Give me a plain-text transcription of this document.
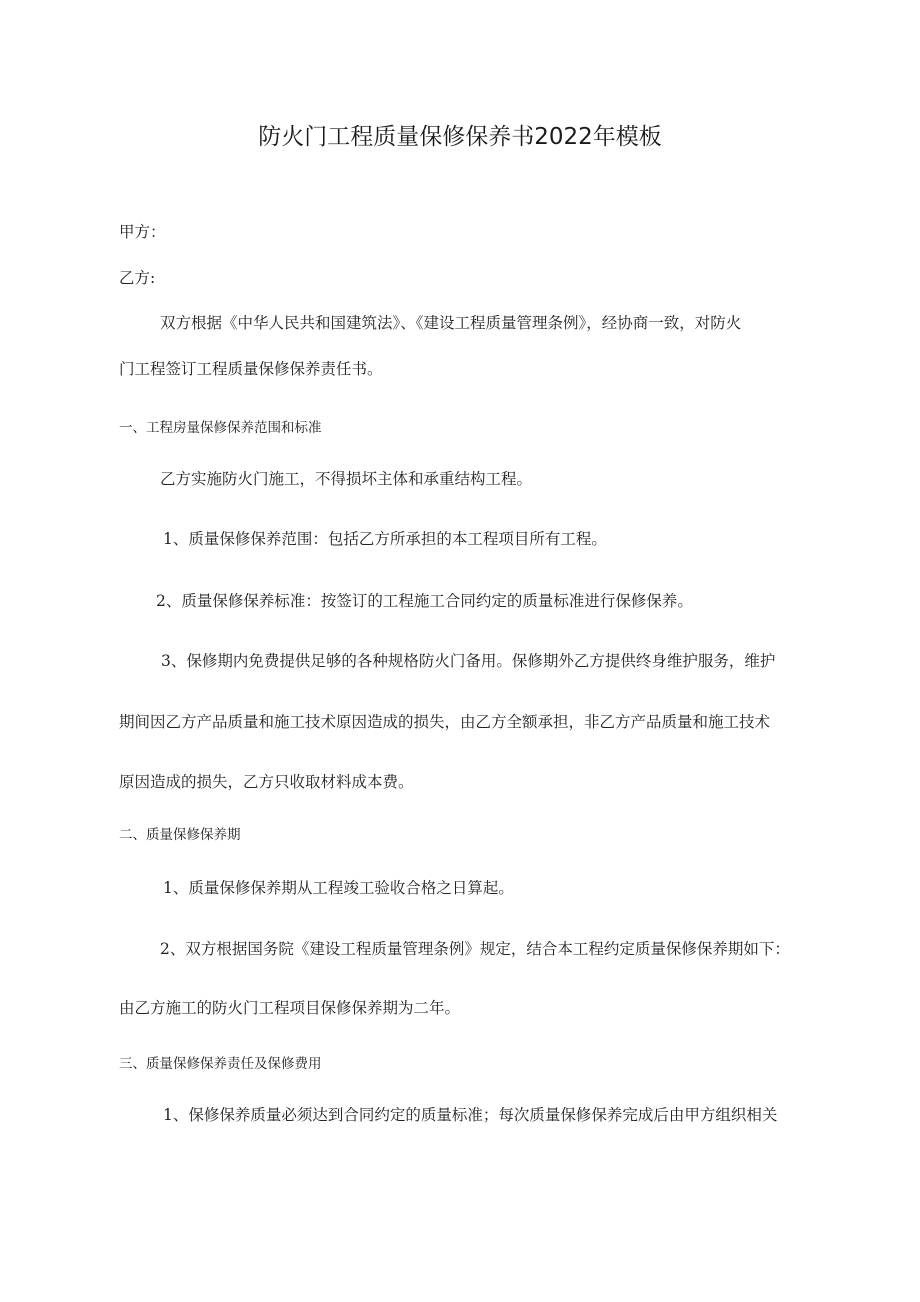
防火门工程质量保修保养书2022年模板
甲方：
乙方:
双方根据《中华人民共和国建筑法》、《建设工程质量管理条例》，经协商一致，对防火
门工程签订工程质量保修保养责任书。
一、工程房量保修保养范围和标准
乙方实施防火门施工，不得损坏主体和承重结构工程。
1、质量保修保养范围：包括乙方所承担的本工程项目所有工程。
2、质量保修保养标准：按签订的工程施工合同约定的质量标准进行保修保养。
3、保修期内免费提供足够的各种规格防火门备用。保修期外乙方提供终身维护服务，维护
期间因乙方产品质量和施工技术原因造成的损失，由乙方全额承担，非乙方产品质量和施工技术
原因造成的损失，乙方只收取材料成本费。
二、质量保修保养期
1、质量保修保养期从工程竣工验收合格之日算起。
2、双方根据国务院《建设工程质量管理条例》规定，结合本工程约定质量保修保养期如下：
由乙方施工的防火门工程项目保修保养期为二年。
三、质量保修保养责任及保修费用
1、保修保养质量必须达到合同约定的质量标准；每次质量保修保养完成后由甲方组织相关
